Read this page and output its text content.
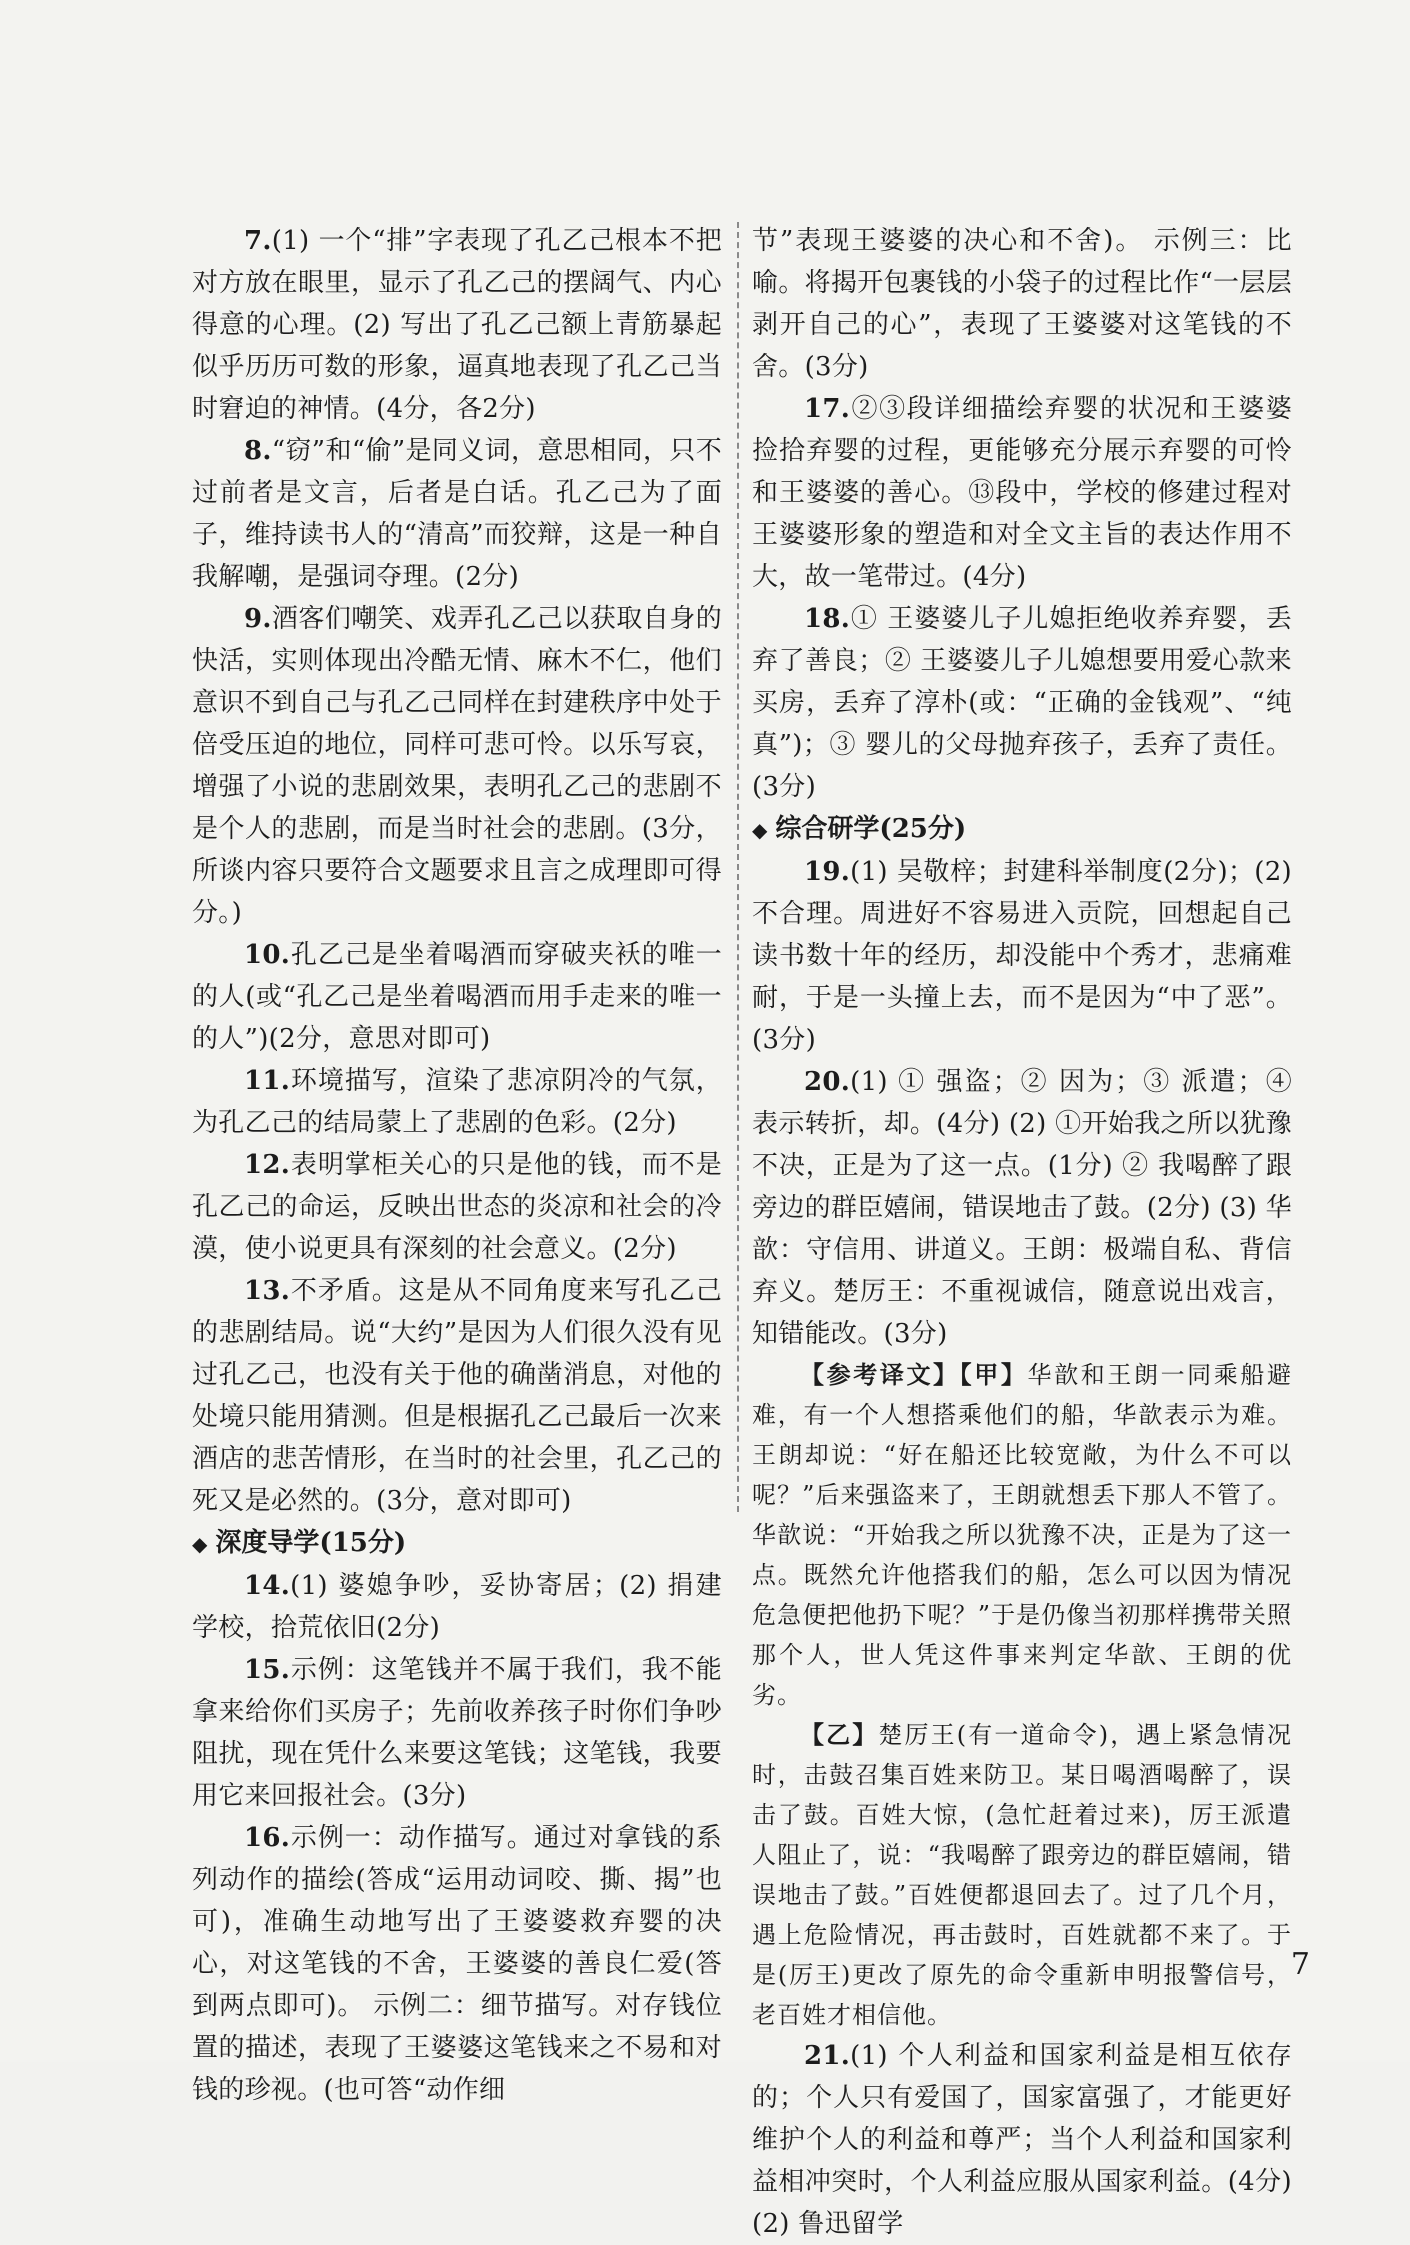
7.(1) 一个“排”字表现了孔乙己根本不把对方放在眼里，显示了孔乙己的摆阔气、内心得意的心理。(2) 写出了孔乙己额上青筋暴起似乎历历可数的形象，逼真地表现了孔乙己当时窘迫的神情。(4分，各2分)

8.“窃”和“偷”是同义词，意思相同，只不过前者是文言，后者是白话。孔乙己为了面子，维持读书人的“清高”而狡辩，这是一种自我解嘲，是强词夺理。(2分)

9.酒客们嘲笑、戏弄孔乙己以获取自身的快活，实则体现出冷酷无情、麻木不仁，他们意识不到自己与孔乙己同样在封建秩序中处于倍受压迫的地位，同样可悲可怜。以乐写哀，增强了小说的悲剧效果，表明孔乙己的悲剧不是个人的悲剧，而是当时社会的悲剧。(3分，所谈内容只要符合文题要求且言之成理即可得分。)

10.孔乙己是坐着喝酒而穿破夹袄的唯一的人(或“孔乙己是坐着喝酒而用手走来的唯一的人”)(2分，意思对即可)

11.环境描写，渲染了悲凉阴冷的气氛，为孔乙己的结局蒙上了悲剧的色彩。(2分)

12.表明掌柜关心的只是他的钱，而不是孔乙己的命运，反映出世态的炎凉和社会的冷漠，使小说更具有深刻的社会意义。(2分)

13.不矛盾。这是从不同角度来写孔乙己的悲剧结局。说“大约”是因为人们很久没有见过孔乙己，也没有关于他的确凿消息，对他的处境只能用猜测。但是根据孔乙己最后一次来酒店的悲苦情形，在当时的社会里，孔乙己的死又是必然的。(3分，意对即可)

◆ 深度导学(15分)

14.(1) 婆媳争吵，妥协寄居；(2) 捐建学校，拾荒依旧(2分)

15.示例：这笔钱并不属于我们，我不能拿来给你们买房子；先前收养孩子时你们争吵阻扰，现在凭什么来要这笔钱；这笔钱，我要用它来回报社会。(3分)

16.示例一：动作描写。通过对拿钱的系列动作的描绘(答成“运用动词咬、撕、揭”也可)，准确生动地写出了王婆婆救弃婴的决心，对这笔钱的不舍，王婆婆的善良仁爱(答到两点即可)。 示例二：细节描写。对存钱位置的描述，表现了王婆婆这笔钱来之不易和对钱的珍视。(也可答“动作细

节”表现王婆婆的决心和不舍)。 示例三：比喻。将揭开包裹钱的小袋子的过程比作“一层层剥开自己的心”，表现了王婆婆对这笔钱的不舍。(3分)

17.②③段详细描绘弃婴的状况和王婆婆捡拾弃婴的过程，更能够充分展示弃婴的可怜和王婆婆的善心。⑬段中，学校的修建过程对王婆婆形象的塑造和对全文主旨的表达作用不大，故一笔带过。(4分)

18.① 王婆婆儿子儿媳拒绝收养弃婴，丢弃了善良；② 王婆婆儿子儿媳想要用爱心款来买房，丢弃了淳朴(或：“正确的金钱观”、“纯真”)；③ 婴儿的父母抛弃孩子，丢弃了责任。(3分)

◆ 综合研学(25分)

19.(1) 吴敬梓；封建科举制度(2分)；(2) 不合理。周进好不容易进入贡院，回想起自己读书数十年的经历，却没能中个秀才，悲痛难耐，于是一头撞上去，而不是因为“中了恶”。(3分)

20.(1) ① 强盗；② 因为；③ 派遣；④ 表示转折，却。(4分) (2) ①开始我之所以犹豫不决，正是为了这一点。(1分) ② 我喝醉了跟旁边的群臣嬉闹，错误地击了鼓。(2分) (3) 华歆：守信用、讲道义。王朗：极端自私、背信弃义。楚厉王：不重视诚信，随意说出戏言，知错能改。(3分)

【参考译文】【甲】华歆和王朗一同乘船避难，有一个人想搭乘他们的船，华歆表示为难。王朗却说：“好在船还比较宽敞，为什么不可以呢？”后来强盗来了，王朗就想丢下那人不管了。华歆说：“开始我之所以犹豫不决，正是为了这一点。既然允许他搭我们的船，怎么可以因为情况危急便把他扔下呢？”于是仍像当初那样携带关照那个人，世人凭这件事来判定华歆、王朗的优劣。

【乙】楚厉王(有一道命令)，遇上紧急情况时，击鼓召集百姓来防卫。某日喝酒喝醉了，误击了鼓。百姓大惊，(急忙赶着过来)，厉王派遣人阻止了，说：“我喝醉了跟旁边的群臣嬉闹，错误地击了鼓。”百姓便都退回去了。过了几个月，遇上危险情况，再击鼓时，百姓就都不来了。于是(厉王)更改了原先的命令重新申明报警信号，老百姓才相信他。

21.(1) 个人利益和国家利益是相互依存的；个人只有爱国了，国家富强了，才能更好维护个人的利益和尊严；当个人利益和国家利益相冲突时，个人利益应服从国家利益。(4分) (2) 鲁迅留学

7
